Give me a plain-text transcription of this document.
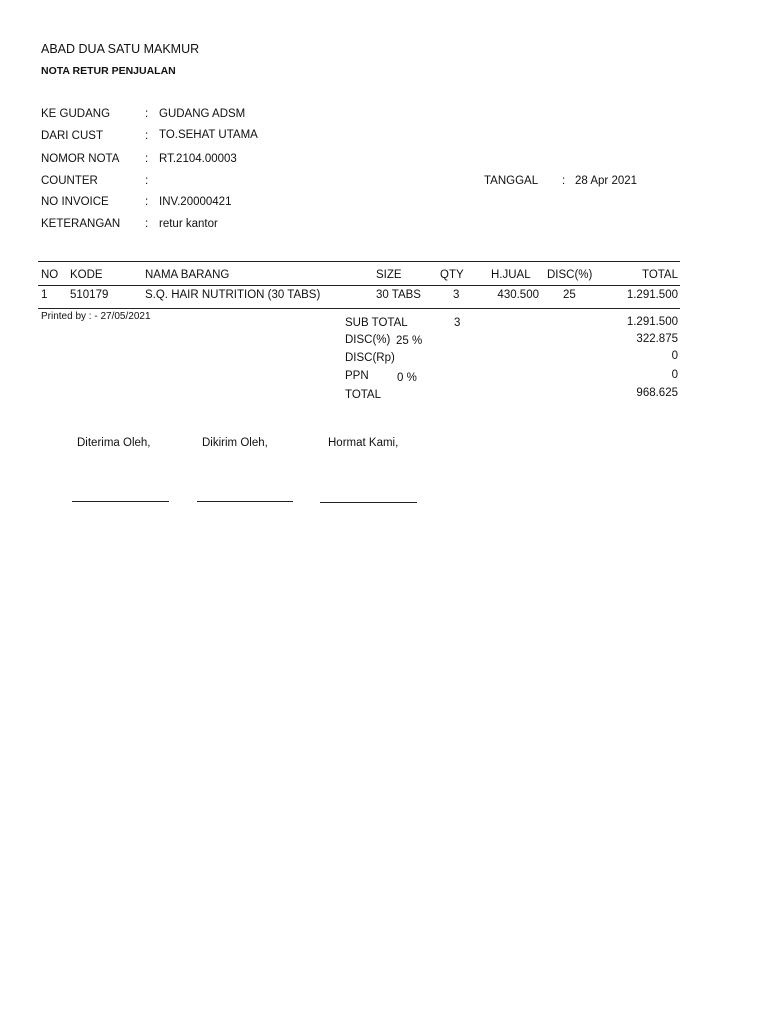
ABAD DUA SATU MAKMUR
NOTA RETUR PENJUALAN
KE GUDANG	: GUDANG ADSM
DARI CUST	: TO.SEHAT UTAMA
NOMOR NOTA : RT.2104.00003
COUNTER	:
NO INVOICE	: INV.20000421
KETERANGAN : retur kantor
TANGGAL : 28 Apr 2021
NO KODE	NAMA BARANG	SIZE	QTY H.JUAL DISC(%)	TOTAL
1 510179	S.Q. HAIR NUTRITION (30 TABS)	30 TABS	3	430.500 25	1.291.500
Printed by : - 27/05/2021
SUB TOTAL	3	1.291.500
DISC(%) 25 %	322.875
DISC(Rp)	0
PPN 0 %	0
TOTAL	968.625
Diterima Oleh,	Dikirim Oleh,	Hormat Kami,
